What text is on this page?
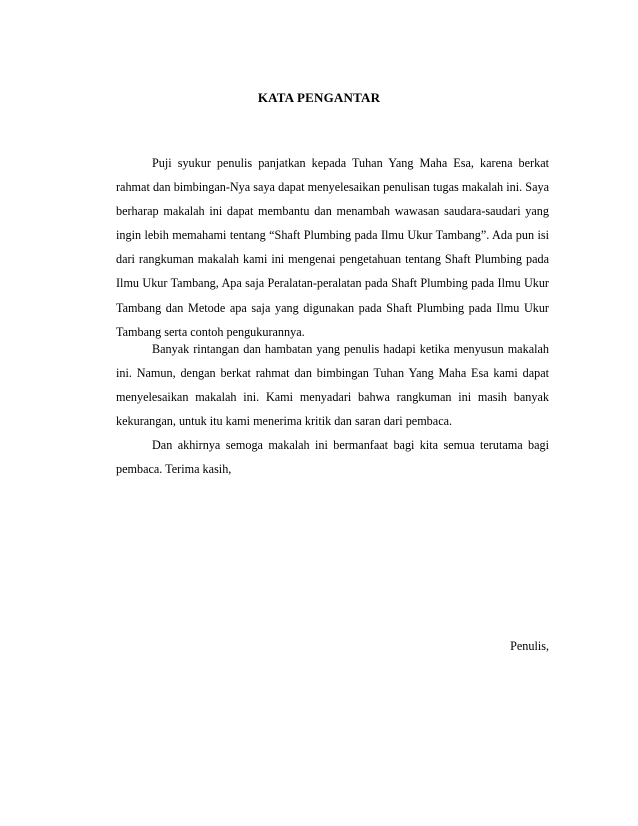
KATA PENGANTAR

Puji syukur penulis panjatkan kepada Tuhan Yang Maha Esa, karena berkat rahmat dan bimbingan-Nya saya dapat menyelesaikan penulisan tugas makalah ini. Saya berharap makalah ini dapat membantu dan menambah wawasan saudara-saudari yang ingin lebih memahami tentang “Shaft Plumbing pada Ilmu Ukur Tambang”. Ada pun isi dari rangkuman makalah kami ini mengenai pengetahuan tentang Shaft Plumbing pada Ilmu Ukur Tambang, Apa saja Peralatan-peralatan pada Shaft Plumbing pada Ilmu Ukur Tambang dan Metode apa saja yang digunakan pada Shaft Plumbing pada Ilmu Ukur Tambang serta contoh pengukurannya.

Banyak rintangan dan hambatan yang penulis hadapi ketika menyusun makalah ini. Namun, dengan berkat rahmat dan bimbingan Tuhan Yang Maha Esa kami dapat menyelesaikan makalah ini. Kami menyadari bahwa rangkuman ini masih banyak kekurangan, untuk itu kami menerima kritik dan saran dari pembaca.

Dan akhirnya semoga makalah ini bermanfaat bagi kita semua terutama bagi pembaca. Terima kasih,

Penulis,
